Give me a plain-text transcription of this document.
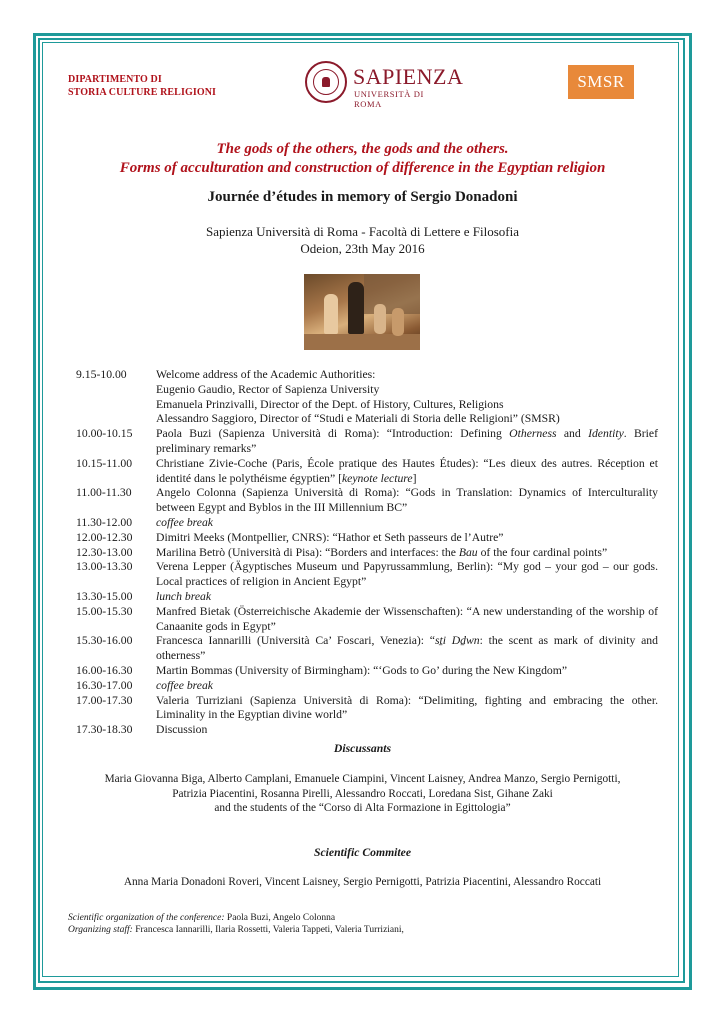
DIPARTIMENTO DI
STORIA CULTURE RELIGIONI
SAPIENZA
UNIVERSITÀ DI ROMA
SMSR
The gods of the others, the gods and the others.
Forms of acculturation and construction of difference in the Egyptian religion
Journée d’études in memory of Sergio Donadoni
Sapienza Università di Roma - Facoltà di Lettere e Filosofia
Odeion, 23th May 2016
9.15-10.00	Welcome address of the Academic Authorities:
Eugenio Gaudio, Rector of Sapienza University
Emanuela Prinzivalli, Director of the Dept. of History, Cultures, Religions
Alessandro Saggioro, Director of “Studi e Materiali di Storia delle Religioni” (SMSR)
10.00-10.15	Paola Buzi (Sapienza Università di Roma): “Introduction: Defining Otherness and Identity. Brief preliminary remarks”
10.15-11.00	Christiane Zivie-Coche (Paris, École pratique des Hautes Études): “Les dieux des autres. Réception et identité dans le polythéisme égyptien” [keynote lecture]
11.00-11.30	Angelo Colonna (Sapienza Università di Roma): “Gods in Translation: Dynamics of Interculturality between Egypt and Byblos in the III Millennium BC”
11.30-12.00	coffee break
12.00-12.30	Dimitri Meeks (Montpellier, CNRS): “Hathor et Seth passeurs de l’Autre”
12.30-13.00	Marilina Betrò (Università di Pisa): “Borders and interfaces: the Bau of the four cardinal points”
13.00-13.30	Verena Lepper (Ägyptisches Museum und Papyrussammlung, Berlin): “My god – your god – our gods. Local practices of religion in Ancient Egypt”
13.30-15.00	lunch break
15.00-15.30	Manfred Bietak (Österreichische Akademie der Wissenschaften): “A new understanding of the worship of Canaanite gods in Egypt”
15.30-16.00	Francesca Iannarilli (Università Ca’ Foscari, Venezia): “sṯi Dḏwn: the scent as mark of divinity and otherness”
16.00-16.30	Martin Bommas (University of Birmingham): “‘Gods to Go’ during the New Kingdom”
16.30-17.00	coffee break
17.00-17.30	Valeria Turriziani (Sapienza Università di Roma): “Delimiting, fighting and embracing the other. Liminality in the Egyptian divine world”
17.30-18.30	Discussion
Discussants
Maria Giovanna Biga, Alberto Camplani, Emanuele Ciampini, Vincent Laisney, Andrea Manzo, Sergio Pernigotti,
Patrizia Piacentini, Rosanna Pirelli, Alessandro Roccati, Loredana Sist, Gihane Zaki
and the students of the “Corso di Alta Formazione in Egittologia”
Scientific Commitee
Anna Maria Donadoni Roveri, Vincent Laisney, Sergio Pernigotti, Patrizia Piacentini, Alessandro Roccati
Scientific organization of the conference: Paola Buzi, Angelo Colonna
Organizing staff: Francesca Iannarilli, Ilaria Rossetti, Valeria Tappeti, Valeria Turriziani,
